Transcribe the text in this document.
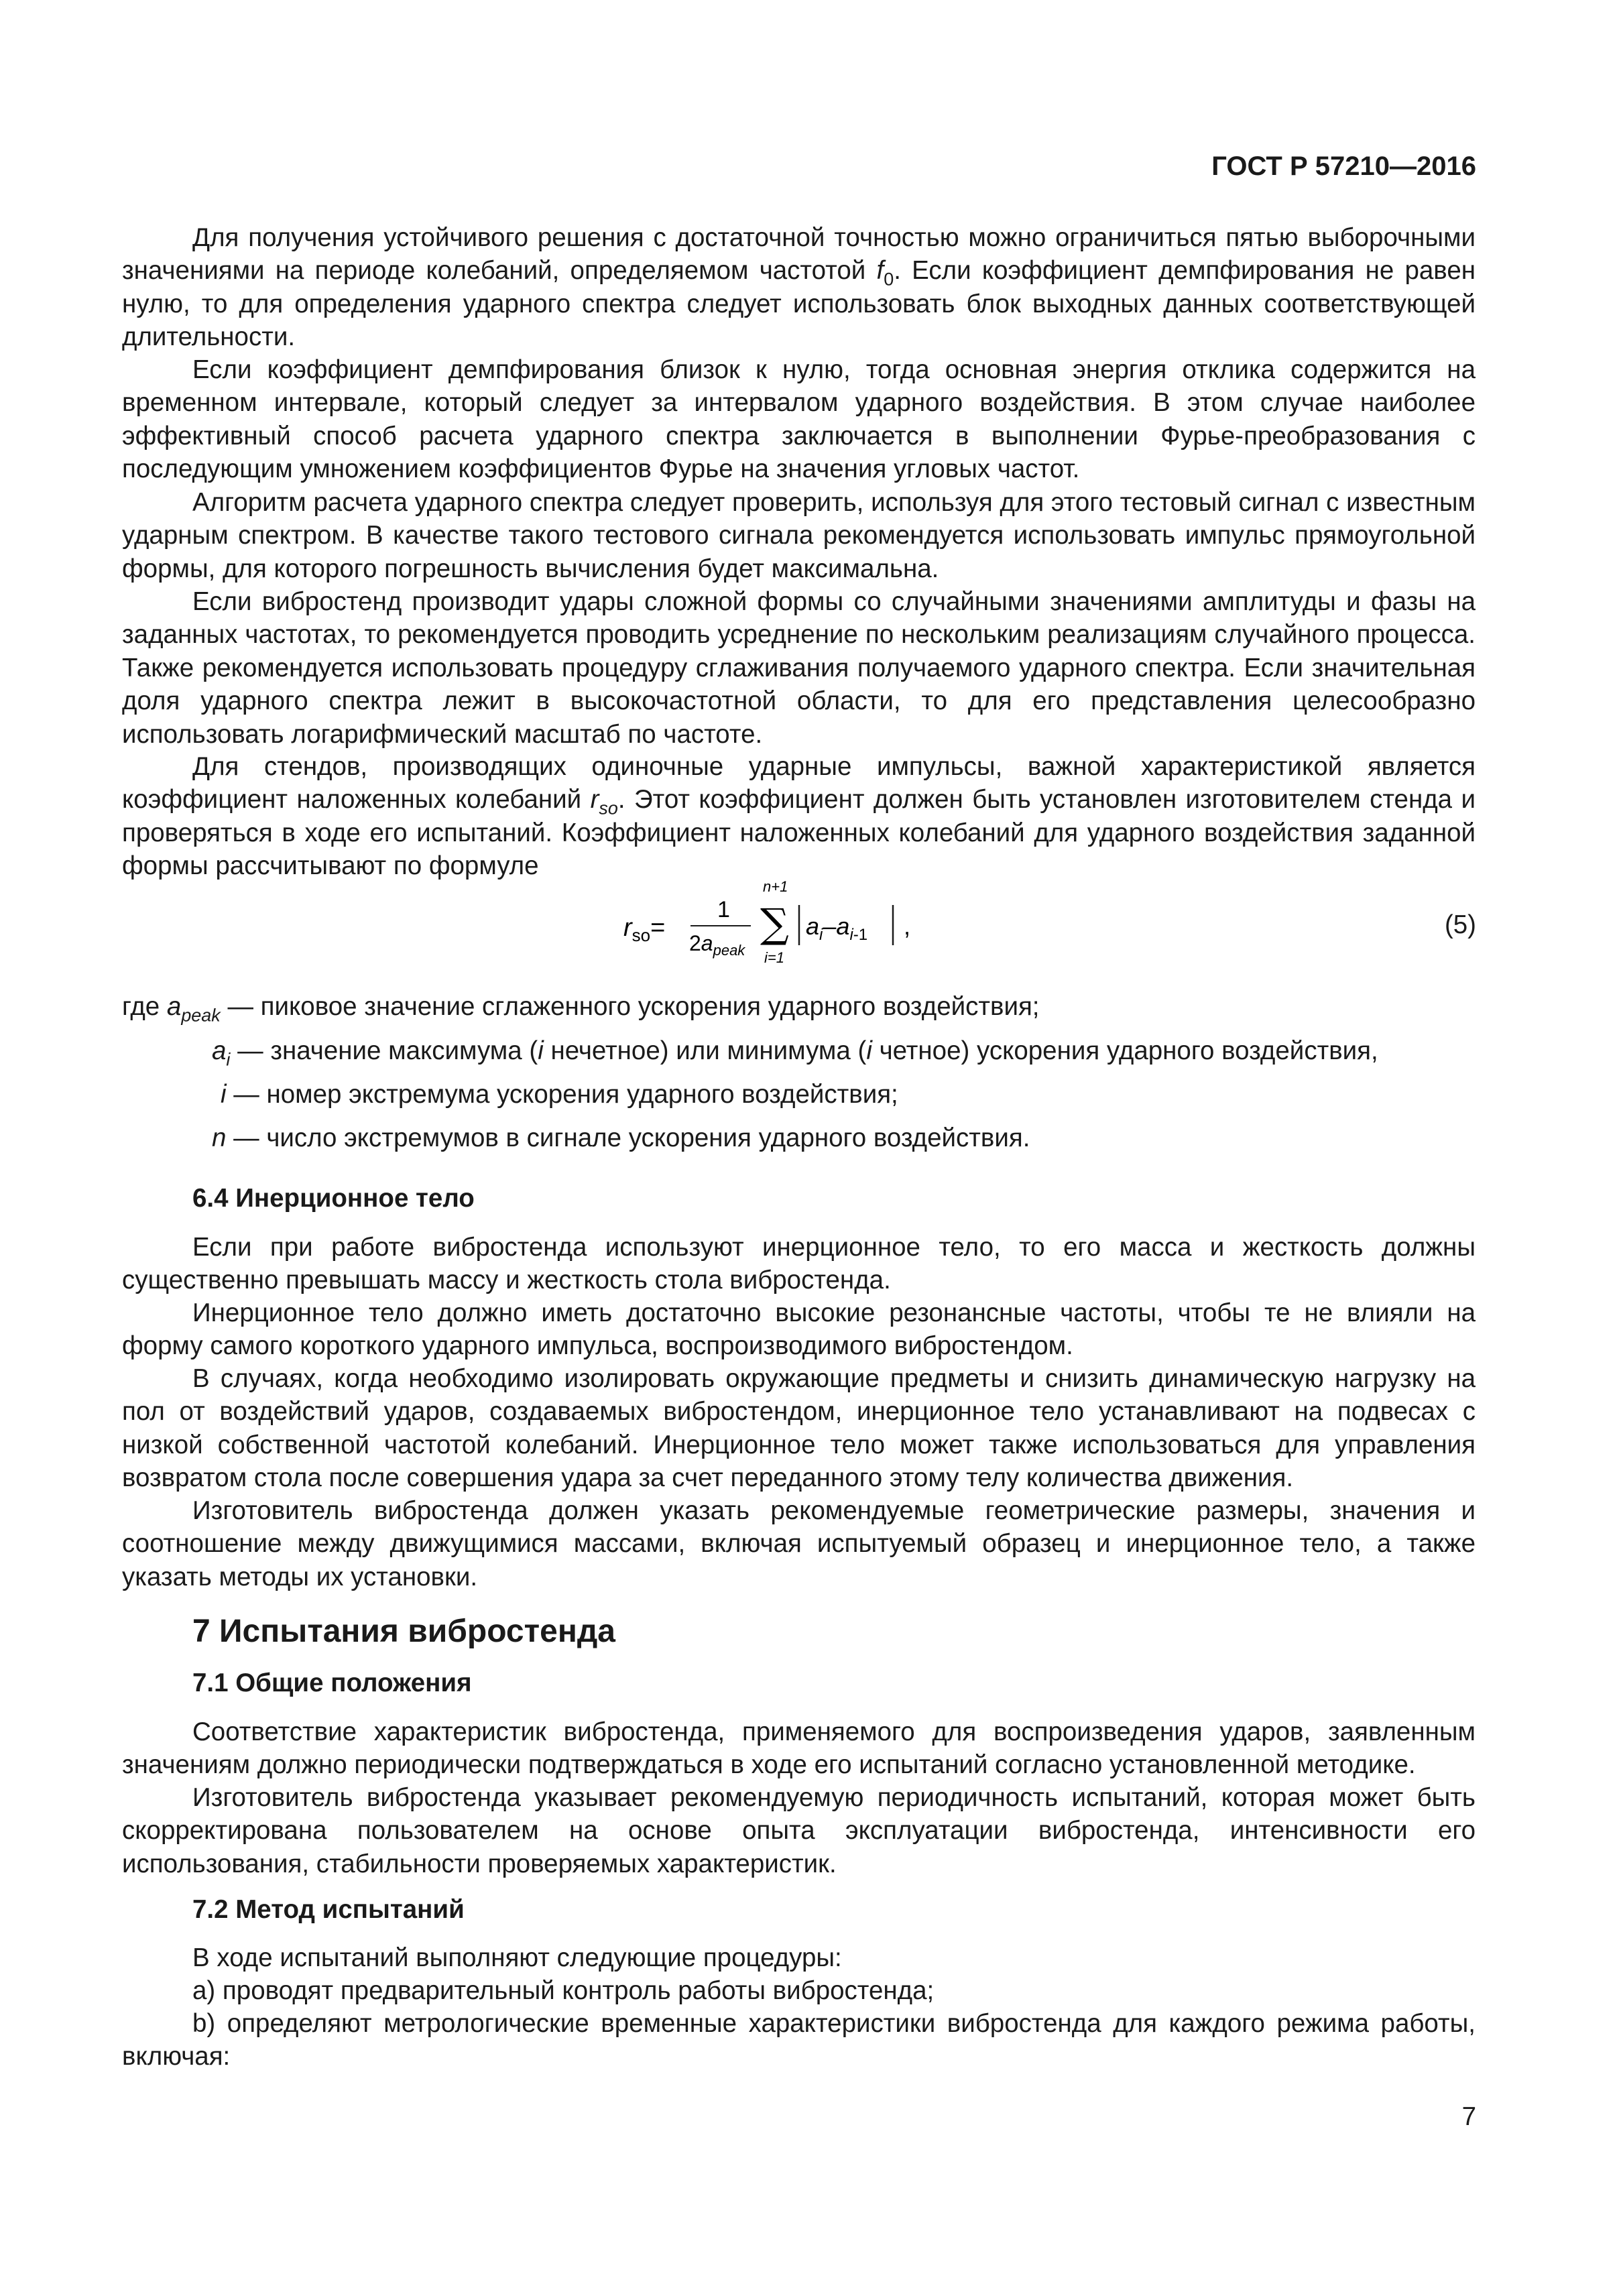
ГОСТ Р 57210—2016

Для получения устойчивого решения с достаточной точностью можно ограничиться пятью выборочными значениями на периоде колебаний, определяемом частотой $f_0$. Если коэффициент демпфирования не равен нулю, то для определения ударного спектра следует использовать блок выходных данных соответствующей длительности.

Если коэффициент демпфирования близок к нулю, тогда основная энергия отклика содержится на временном интервале, который следует за интервалом ударного воздействия. В этом случае наиболее эффективный способ расчета ударного спектра заключается в выполнении Фурье-преобразования с последующим умножением коэффициентов Фурье на значения угловых частот.

Алгоритм расчета ударного спектра следует проверить, используя для этого тестовый сигнал с известным ударным спектром. В качестве такого тестового сигнала рекомендуется использовать импульс прямоугольной формы, для которого погрешность вычисления будет максимальна.

Если вибростенд производит удары сложной формы со случайными значениями амплитуды и фазы на заданных частотах, то рекомендуется проводить усреднение по нескольким реализациям случайного процесса. Также рекомендуется использовать процедуру сглаживания получаемого ударного спектра. Если значительная доля ударного спектра лежит в высокочастотной области, то для его представления целесообразно использовать логарифмический масштаб по частоте.

Для стендов, производящих одиночные ударные импульсы, важной характеристикой является коэффициент наложенных колебаний $r_{so}$. Этот коэффициент должен быть установлен изготовителем стенда и проверяться в ходе его испытаний. Коэффициент наложенных колебаний для ударного воздействия заданной формы рассчитывают по формуле

$r_{so}=$
1
$2a_{peak}$
n+1
∑
i=1
$a_i-a_i-1$ ,	(5)
где $a_{peak}$ — пиковое значение сглаженного ускорения ударного воздействия;
$a_i$ — значение максимума (i нечетное) или минимума (i четное) ускорения ударного воздействия,
i — номер экстремума ускорения ударного воздействия;
n — число экстремумов в сигнале ускорения ударного воздействия.
6.4 Инерционное тело

Если при работе вибростенда используют инерционное тело, то его масса и жесткость должны существенно превышать массу и жесткость стола вибростенда.

Инерционное тело должно иметь достаточно высокие резонансные частоты, чтобы те не влияли на форму самого короткого ударного импульса, воспроизводимого вибростендом.

В случаях, когда необходимо изолировать окружающие предметы и снизить динамическую нагрузку на пол от воздействий ударов, создаваемых вибростендом, инерционное тело устанавливают на подвесах с низкой собственной частотой колебаний. Инерционное тело может также использоваться для управления возвратом стола после совершения удара за счет переданного этому телу количества движения.

Изготовитель вибростенда должен указать рекомендуемые геометрические размеры, значения и соотношение между движущимися массами, включая испытуемый образец и инерционное тело, а также указать методы их установки.

7 Испытания вибростенда
7.1 Общие положения

Соответствие характеристик вибростенда, применяемого для воспроизведения ударов, заявленным значениям должно периодически подтверждаться в ходе его испытаний согласно установленной методике.

Изготовитель вибростенда указывает рекомендуемую периодичность испытаний, которая может быть скорректирована пользователем на основе опыта эксплуатации вибростенда, интенсивности его использования, стабильности проверяемых характеристик.

7.2 Метод испытаний

В ходе испытаний выполняют следующие процедуры:

a) проводят предварительный контроль работы вибростенда;

b) определяют метрологические временные характеристики вибростенда для каждого режима работы, включая:

7
